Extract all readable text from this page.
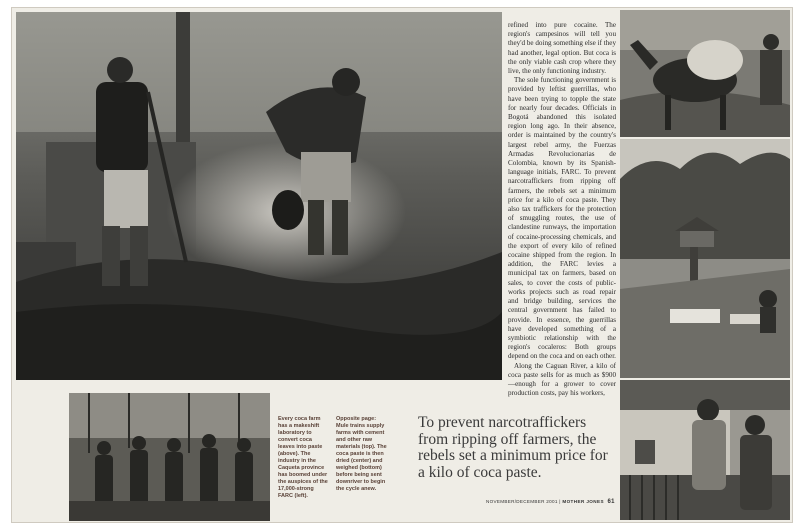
refined into pure cocaine. The region's campesinos will tell you they'd be doing something else if they had another, legal option. But coca is the only viable cash crop where they live, the only functioning industry.

The sole functioning government is provided by leftist guerrillas, who have been trying to topple the state for nearly four decades. Officials in Bogotá abandoned this isolated region long ago. In their absence, order is maintained by the country's largest rebel army, the Fuerzas Armadas Revolucionarias de Colombia, known by its Spanish-language initials, FARC. To prevent narcotraffickers from ripping off farmers, the rebels set a minimum price for a kilo of coca paste. They also tax traffickers for the protection of smuggling routes, the use of clandestine runways, the importation of cocaine-processing chemicals, and the export of every kilo of refined cocaine shipped from the region. In addition, the FARC levies a municipal tax on farmers, based on sales, to cover the costs of public-works projects such as road repair and bridge building, services the central government has failed to provide. In essence, the guerrillas have developed something of a symbiotic relationship with the region's cocaleros: Both groups depend on the coca and on each other.

Along the Caguan River, a kilo of coca paste sells for as much as $900—enough for a grower to cover production costs, pay his workers,

Every coca farm has a makeshift laboratory to convert coca leaves into paste (above). The industry in the Caqueta province has boomed under the auspices of the 17,000-strong FARC (left).
Opposite page: Mule trains supply farms with cement and other raw materials (top). The coca paste is then dried (center) and weighed (bottom) before being sent downriver to begin the cycle anew.
To prevent narcotraffickers from ripping off farmers, the rebels set a minimum price for a kilo of coca paste.
NOVEMBER/DECEMBER 2001 | MOTHER JONES 61
